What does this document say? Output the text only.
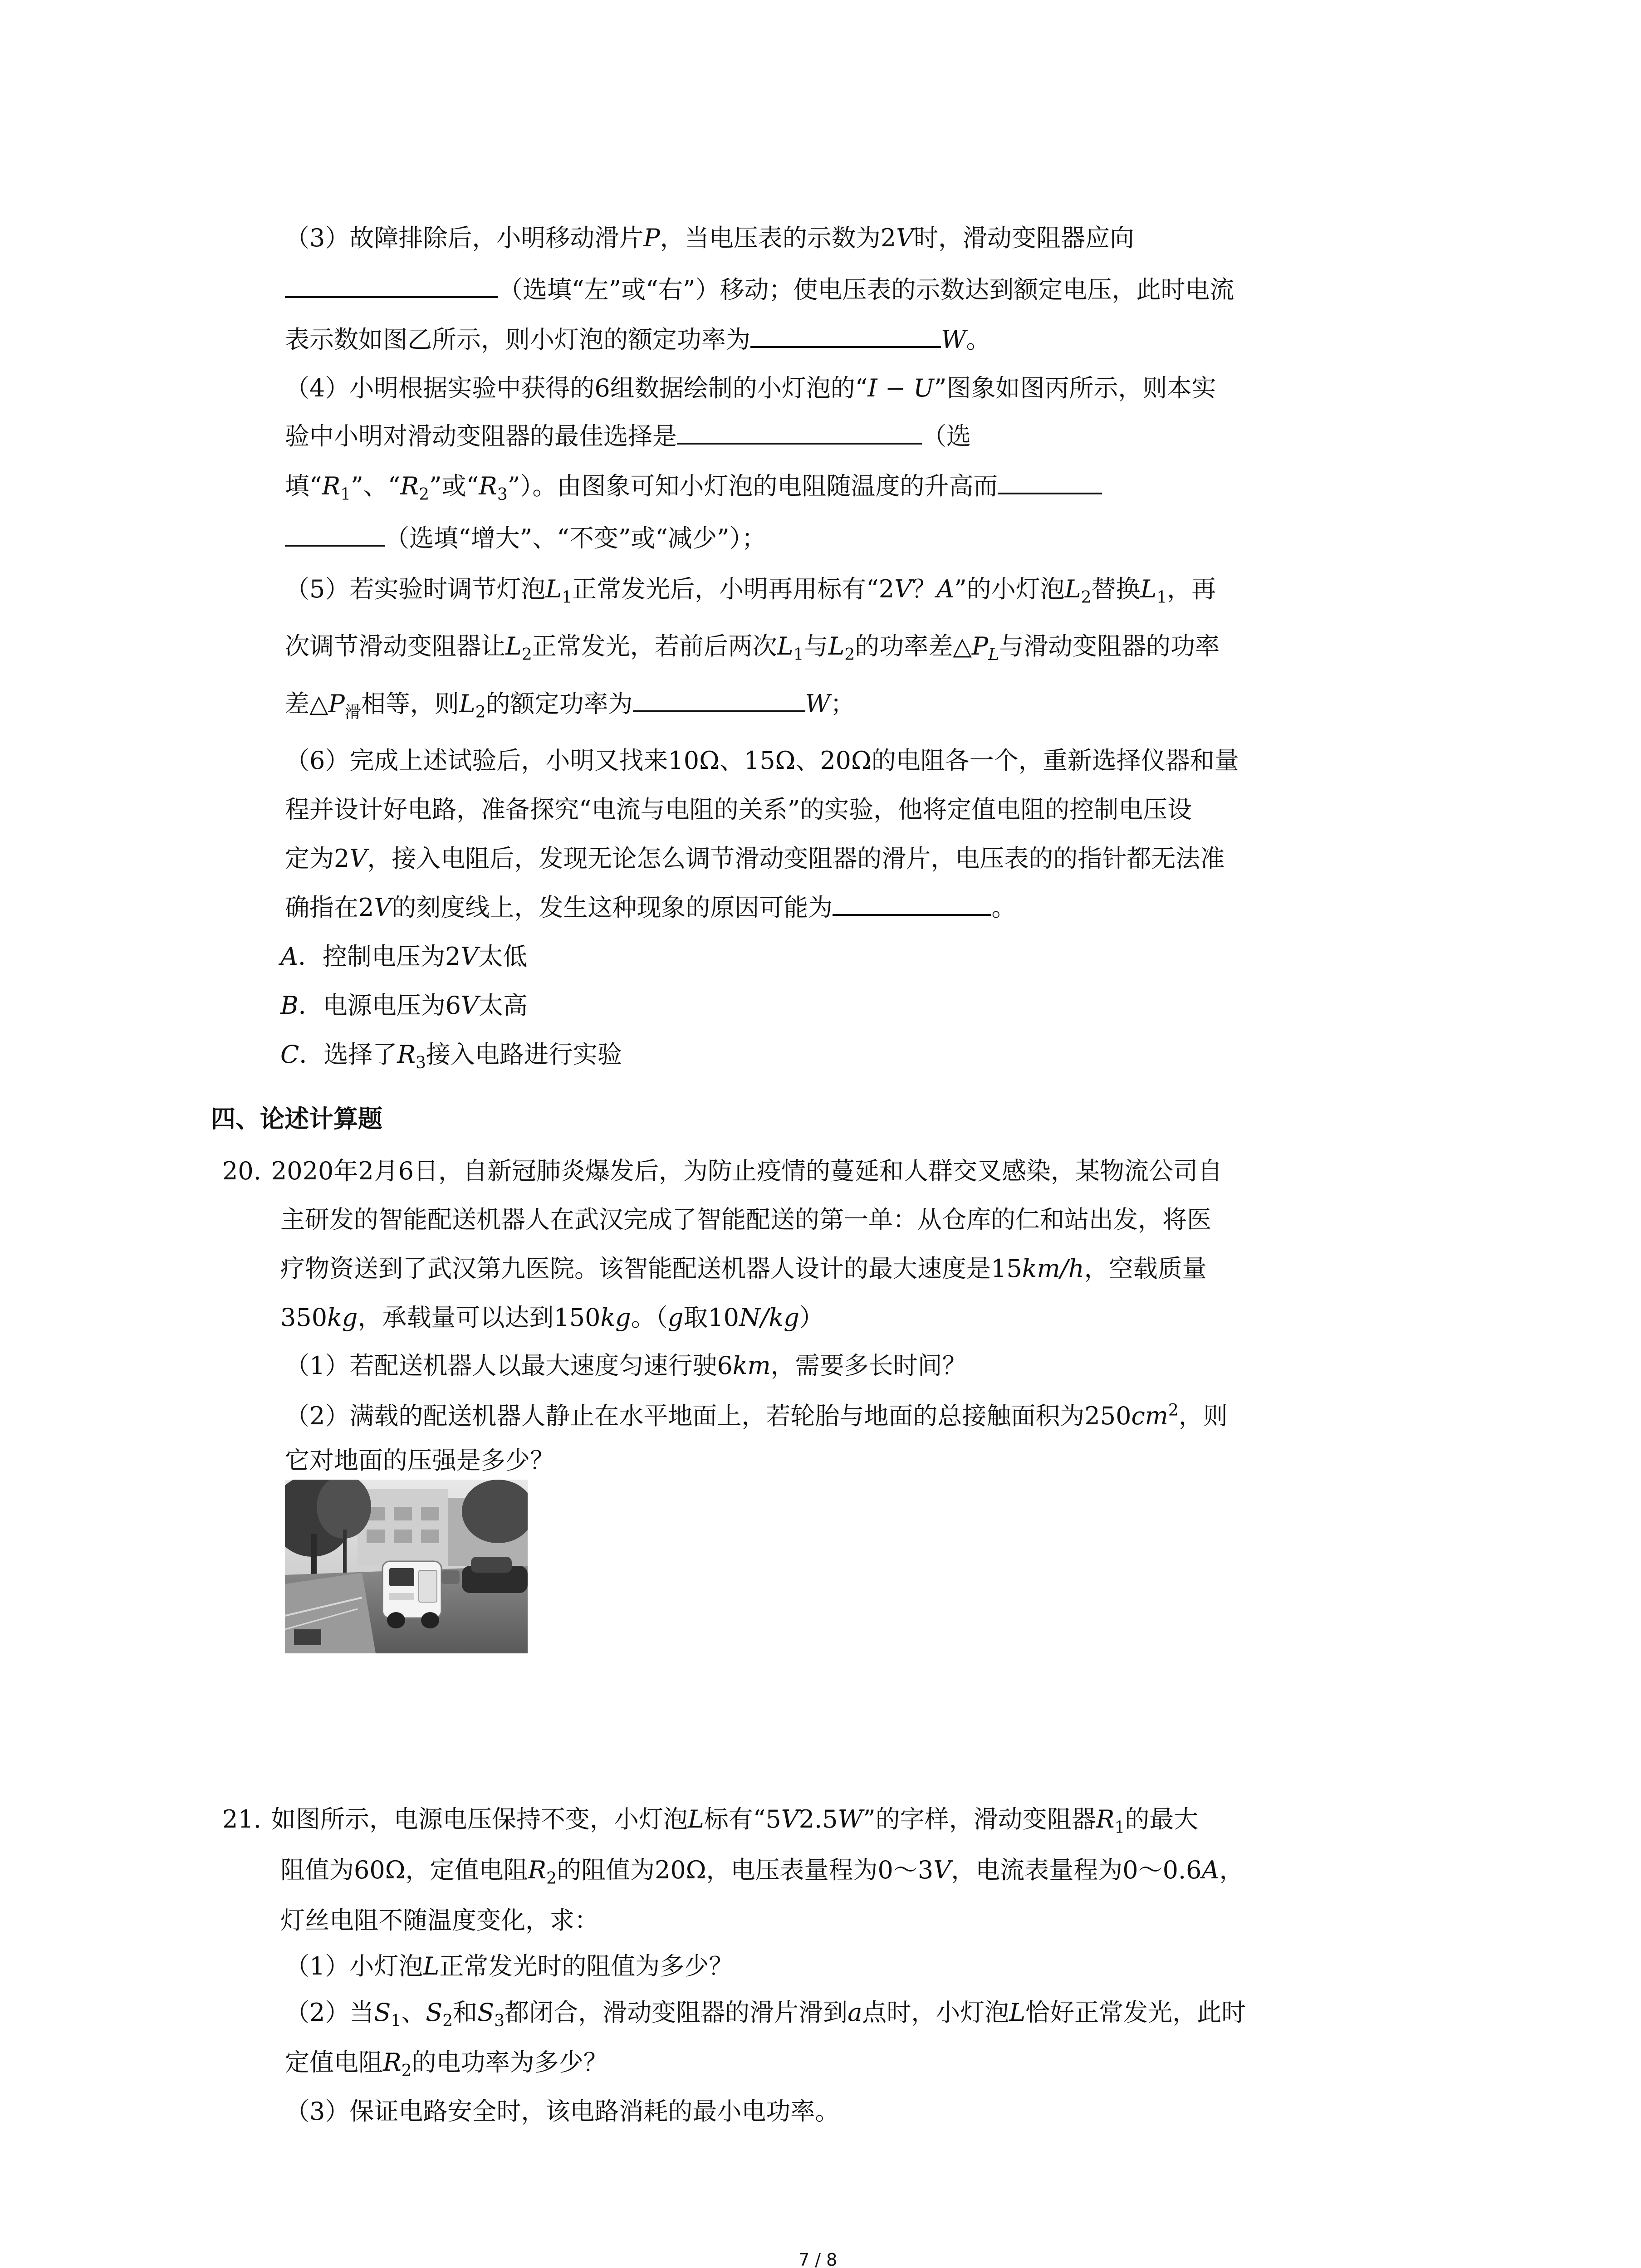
（3）故障排除后，小明移动滑片P，当电压表的示数为2V时，滑动变阻器应向
（选填“左”或“右”）移动；使电压表的示数达到额定电压，此时电流
表示数如图乙所示，则小灯泡的额定功率为	W。
（4）小明根据实验中获得的6组数据绘制的小灯泡的“I − U”图象如图丙所示，则本实
验中小明对滑动变阻器的最佳选择是	（选
填“$R_1$”、“$R_2$”或“$R_3$”）。由图象可知小灯泡的电阻随温度的升高而
（选填“增大”、“不变”或“减少”）；
（5）若实验时调节灯泡$L_1$正常发光后，小明再用标有“2V？A”的小灯泡$L_2$替换$L_1$，再
次调节滑动变阻器让$L_2$正常发光，若前后两次$L_1$与$L_2$的功率差$\triangle P_L$与滑动变阻器的功率
差$\triangle P_滑$相等，则$L_2$的额定功率为	W；
（6）完成上述试验后，小明又找来10Ω、15Ω、20Ω的电阻各一个，重新选择仪器和量
程并设计好电路，准备探究“电流与电阻的关系”的实验，他将定值电阻的控制电压设
定为2V，接入电阻后，发现无论怎么调节滑动变阻器的滑片，电压表的的指针都无法准
确指在2V的刻度线上，发生这种现象的原因可能为	。
A．控制电压为2V太低
B．电源电压为6V太高
C．选择了$R_3$接入电路进行实验
四、论述计算题
20. 2020年2月6日，自新冠肺炎爆发后，为防止疫情的蔓延和人群交叉感染，某物流公司自
主研发的智能配送机器人在武汉完成了智能配送的第一单：从仓库的仁和站出发，将医
疗物资送到了武汉第九医院。该智能配送机器人设计的最大速度是15km/h，空载质量
350kg，承载量可以达到150kg。（g取10N/kg）
（1）若配送机器人以最大速度匀速行驶6km，需要多长时间？
（2）满载的配送机器人静止在水平地面上，若轮胎与地面的总接触面积为$250cm^2$，则
它对地面的压强是多少？
21. 如图所示，电源电压保持不变，小灯泡L标有“5V2.5W”的字样，滑动变阻器$R_1$的最大
阻值为60Ω，定值电阻$R_2$的阻值为20Ω，电压表量程为0～3V，电流表量程为0～0.6A，
灯丝电阻不随温度变化，求：
（1）小灯泡L正常发光时的阻值为多少？
（2）当$S_1$、$S_2$和$S_3$都闭合，滑动变阻器的滑片滑到a点时，小灯泡L恰好正常发光，此时
定值电阻$R_2$的电功率为多少？
（3）保证电路安全时，该电路消耗的最小电功率。
7 / 8
